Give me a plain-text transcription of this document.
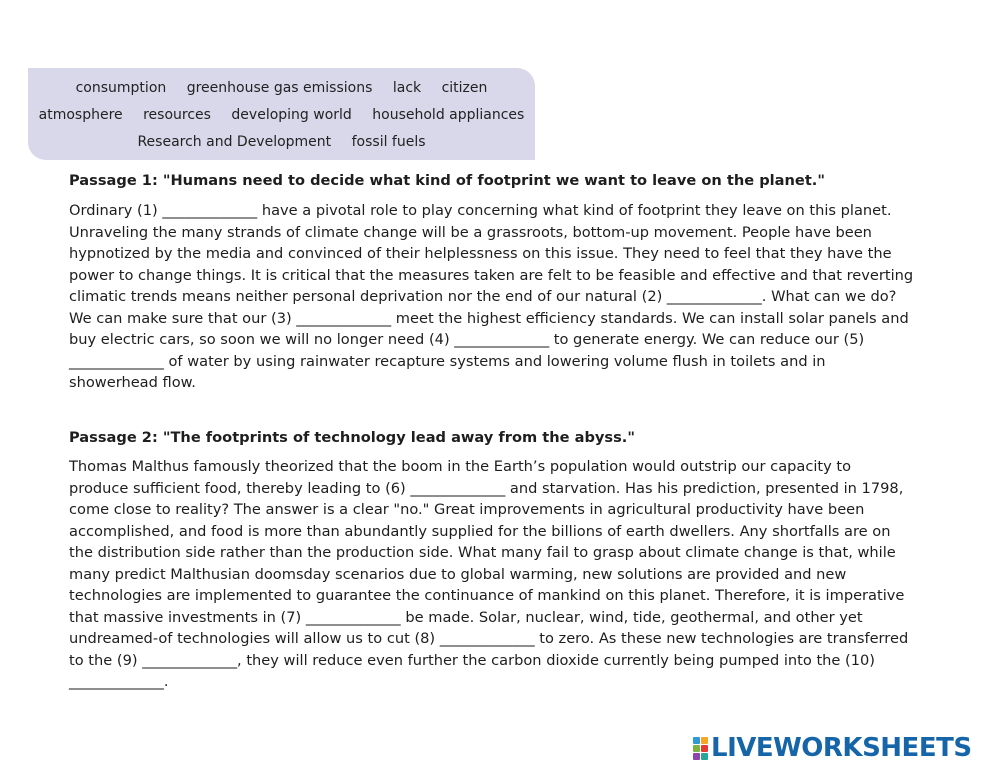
consumption greenhouse gas emissions lack citizen
atmosphere resources developing world household appliances
Research and Development fossil fuels

Passage 1: "Humans need to decide what kind of footprint we want to leave on the planet."

Ordinary (1) _____________ have a pivotal role to play concerning what kind of footprint they leave on this planet.
Unraveling the many strands of climate change will be a grassroots, bottom-up movement. People have been
hypnotized by the media and convinced of their helplessness on this issue. They need to feel that they have the
power to change things. It is critical that the measures taken are felt to be feasible and effective and that reverting
climatic trends means neither personal deprivation nor the end of our natural (2) _____________. What can we do?
We can make sure that our (3) _____________ meet the highest efficiency standards. We can install solar panels and
buy electric cars, so soon we will no longer need (4) _____________ to generate energy. We can reduce our (5)
_____________ of water by using rainwater recapture systems and lowering volume flush in toilets and in
showerhead flow.

Passage 2: "The footprints of technology lead away from the abyss."

Thomas Malthus famously theorized that the boom in the Earth’s population would outstrip our capacity to
produce sufficient food, thereby leading to (6) _____________ and starvation. Has his prediction, presented in 1798,
come close to reality? The answer is a clear "no." Great improvements in agricultural productivity have been
accomplished, and food is more than abundantly supplied for the billions of earth dwellers. Any shortfalls are on
the distribution side rather than the production side. What many fail to grasp about climate change is that, while
many predict Malthusian doomsday scenarios due to global warming, new solutions are provided and new
technologies are implemented to guarantee the continuance of mankind on this planet. Therefore, it is imperative
that massive investments in (7) _____________ be made. Solar, nuclear, wind, tide, geothermal, and other yet
undreamed-of technologies will allow us to cut (8) _____________ to zero. As these new technologies are transferred
to the (9) _____________, they will reduce even further the carbon dioxide currently being pumped into the (10)
_____________.

LIVEWORKSHEETS
